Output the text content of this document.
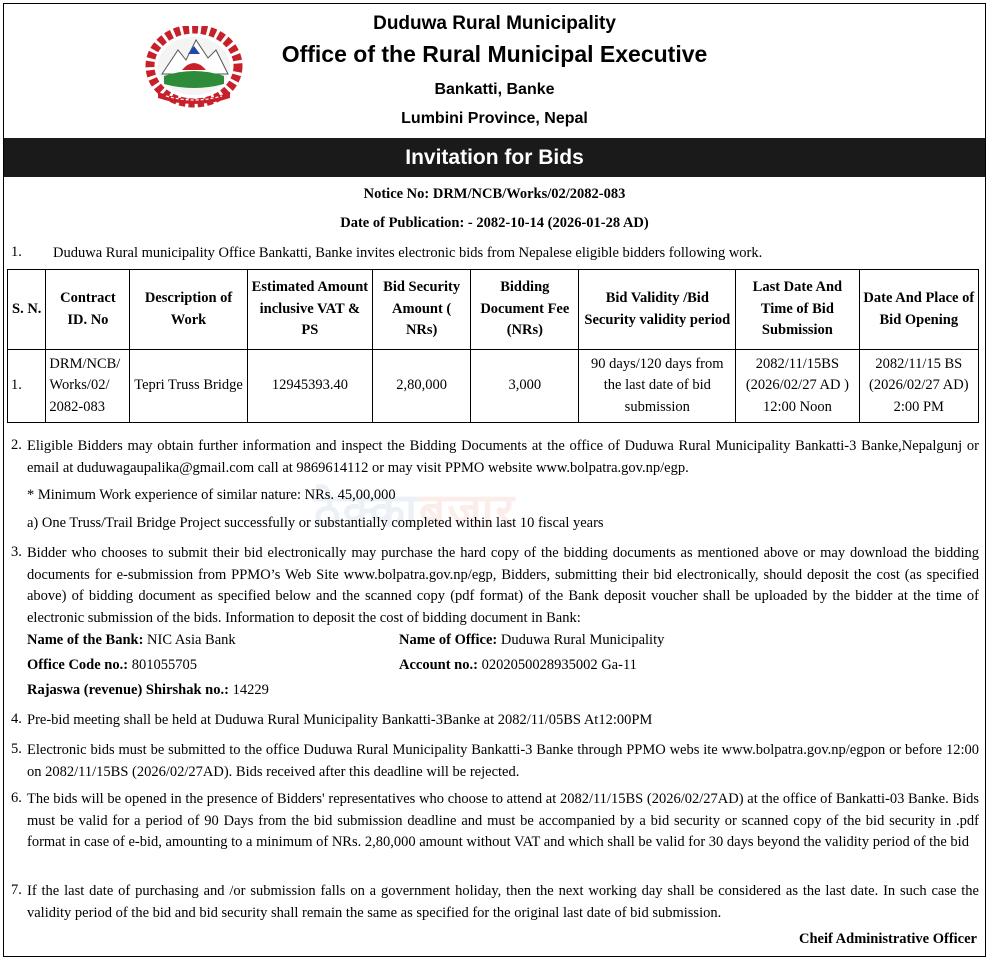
Duduwa Rural Municipality
Office of the Rural Municipal Executive
Bankatti, Banke
Lumbini Province, Nepal
Invitation for Bids
Notice No: DRM/NCB/Works/02/2082-083
Date of Publication: - 2082-10-14 (2026-01-28 AD)
1. Duduwa Rural municipality Office Bankatti, Banke invites electronic bids from Nepalese eligible bidders following work.
S. N.	Contract ID. No	Description of Work	Estimated Amount inclusive VAT & PS	Bid Security Amount ( NRs)	Bidding Document Fee (NRs)	Bid Validity /Bid Security validity period	Last Date And Time of Bid Submission	Date And Place of Bid Opening
1.	DRM/NCB/ Works/02/ 2082-083	Tepri Truss Bridge	12945393.40	2,80,000	3,000	90 days/120 days from the last date of bid submission	2082/11/15BS (2026/02/27 AD ) 12:00 Noon	2082/11/15 BS (2026/02/27 AD) 2:00 PM
ठेक्काबजार
2. Eligible Bidders may obtain further information and inspect the Bidding Documents at the office of Duduwa Rural Municipality Bankatti-3 Banke,Nepalgunj or email at duduwagaupalika@gmail.com call at 9869614112 or may visit PPMO website www.bolpatra.gov.np/egp.
* Minimum Work experience of similar nature: NRs. 45,00,000
a) One Truss/Trail Bridge Project successfully or substantially completed within last 10 fiscal years
3. Bidder who chooses to submit their bid electronically may purchase the hard copy of the bidding documents as mentioned above or may download the bidding documents for e-submission from PPMO’s Web Site www.bolpatra.gov.np/egp, Bidders, submitting their bid electronically, should deposit the cost (as specified above) of bidding document as specified below and the scanned copy (pdf format) of the Bank deposit voucher shall be uploaded by the bidder at the time of electronic submission of the bids. Information to deposit the cost of bidding document in Bank:
Name of the Bank: NIC Asia Bank	Name of Office: Duduwa Rural Municipality
Office Code no.: 801055705	Account no.: 0202050028935002 Ga-11
Rajaswa (revenue) Shirshak no.: 14229
4. Pre-bid meeting shall be held at Duduwa Rural Municipality Bankatti-3Banke at 2082/11/05BS At12:00PM
5. Electronic bids must be submitted to the office Duduwa Rural Municipality Bankatti-3 Banke through PPMO webs ite www.bolpatra.gov.np/egpon or before 12:00 on 2082/11/15BS (2026/02/27AD). Bids received after this deadline will be rejected.
6. The bids will be opened in the presence of Bidders' representatives who choose to attend at 2082/11/15BS (2026/02/27AD) at the office of Bankatti-03 Banke. Bids must be valid for a period of 90 Days from the bid submission deadline and must be accompanied by a bid security or scanned copy of the bid security in .pdf format in case of e-bid, amounting to a minimum of NRs. 2,80,000 amount without VAT and which shall be valid for 30 days beyond the validity period of the bid
7. If the last date of purchasing and /or submission falls on a government holiday, then the next working day shall be considered as the last date. In such case the validity period of the bid and bid security shall remain the same as specified for the original last date of bid submission.
Cheif Administrative Officer
